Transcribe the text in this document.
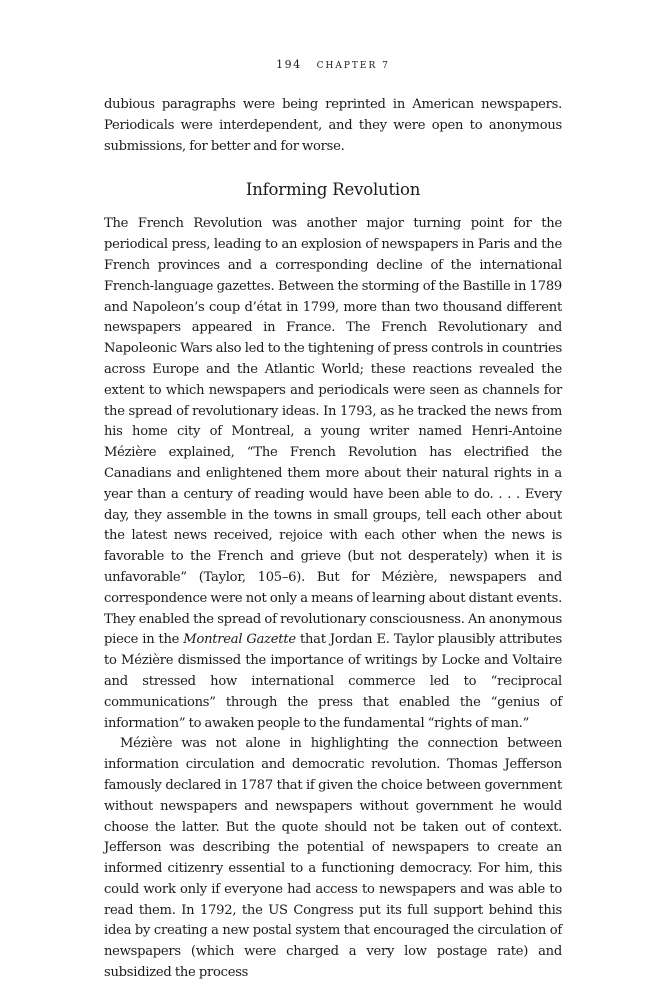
194 CHAPTER 7

dubious paragraphs were being reprinted in American newspapers. Periodicals were interdependent, and they were open to anonymous submissions, for better and for worse.

Informing Revolution

The French Revolution was another major turning point for the periodical press, leading to an explosion of newspapers in Paris and the French provinces and a corresponding decline of the international French-language gazettes. Between the storming of the Bastille in 1789 and Napoleon’s coup d’état in 1799, more than two thousand different newspapers appeared in France. The French Revolutionary and Napoleonic Wars also led to the tightening of press controls in countries across Europe and the Atlantic World; these reactions revealed the extent to which newspapers and periodicals were seen as channels for the spread of revolutionary ideas. In 1793, as he tracked the news from his home city of Montreal, a young writer named Henri-Antoine Mézière explained, “The French Revolution has electrified the Canadians and enlightened them more about their natural rights in a year than a century of reading would have been able to do. . . . Every day, they assemble in the towns in small groups, tell each other about the latest news received, rejoice with each other when the news is favorable to the French and grieve (but not desperately) when it is unfavorable” (Taylor, 105–6). But for Mézière, newspapers and correspondence were not only a means of learning about distant events. They enabled the spread of revolutionary consciousness. An anonymous piece in the Montreal Gazette that Jordan E. Taylor plausibly attributes to Mézière dismissed the importance of writings by Locke and Voltaire and stressed how international commerce led to “reciprocal communications” through the press that enabled the “genius of information” to awaken people to the fundamental “rights of man.”

Mézière was not alone in highlighting the connection between information circulation and democratic revolution. Thomas Jefferson famously declared in 1787 that if given the choice between government without newspapers and newspapers without government he would choose the latter. But the quote should not be taken out of context. Jefferson was describing the potential of newspapers to create an informed citizenry essential to a functioning democracy. For him, this could work only if everyone had access to newspapers and was able to read them. In 1792, the US Congress put its full support behind this idea by creating a new postal system that encouraged the circulation of newspapers (which were charged a very low postage rate) and subsidized the process
